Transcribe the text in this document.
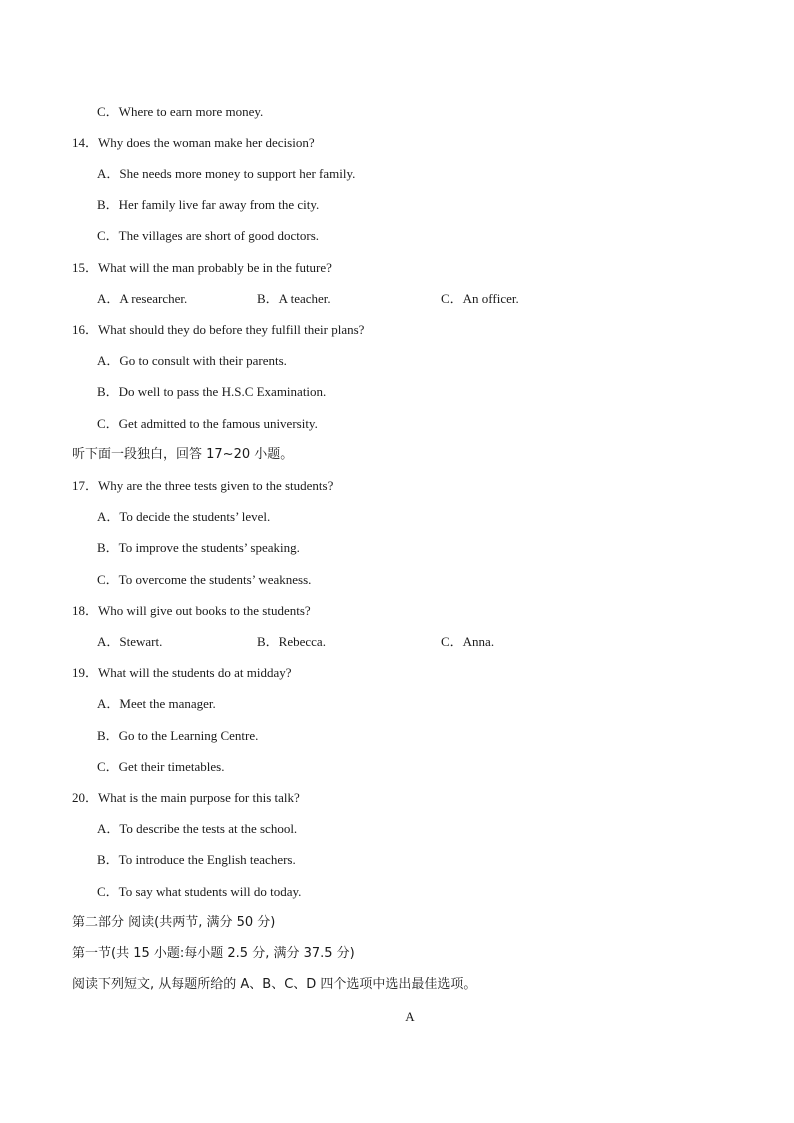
C．Where to earn more money.
14．Why does the woman make her decision?
A．She needs more money to support her family.
B．Her family live far away from the city.
C．The villages are short of good doctors.
15．What will the man probably be in the future?
A．A researcher.	B．A teacher.	C．An officer.
16．What should they do before they fulfill their plans?
A．Go to consult with their parents.
B．Do well to pass the H.S.C Examination.
C．Get admitted to the famous university.
听下面一段独白，回答 17~20 小题。
17．Why are the three tests given to the students?
A．To decide the students’ level.
B．To improve the students’ speaking.
C．To overcome the students’ weakness.
18．Who will give out books to the students?
A．Stewart.	B．Rebecca.	C．Anna.
19．What will the students do at midday?
A．Meet the manager.
B．Go to the Learning Centre.
C．Get their timetables.
20．What is the main purpose for this talk?
A．To describe the tests at the school.
B．To introduce the English teachers.
C．To say what students will do today.
第二部分 阅读(共两节, 满分 50 分)
第一节(共 15 小题:每小题 2.5 分, 满分 37.5 分)
阅读下列短文, 从每题所给的 A、B、C、D 四个选项中选出最佳选项。
A
